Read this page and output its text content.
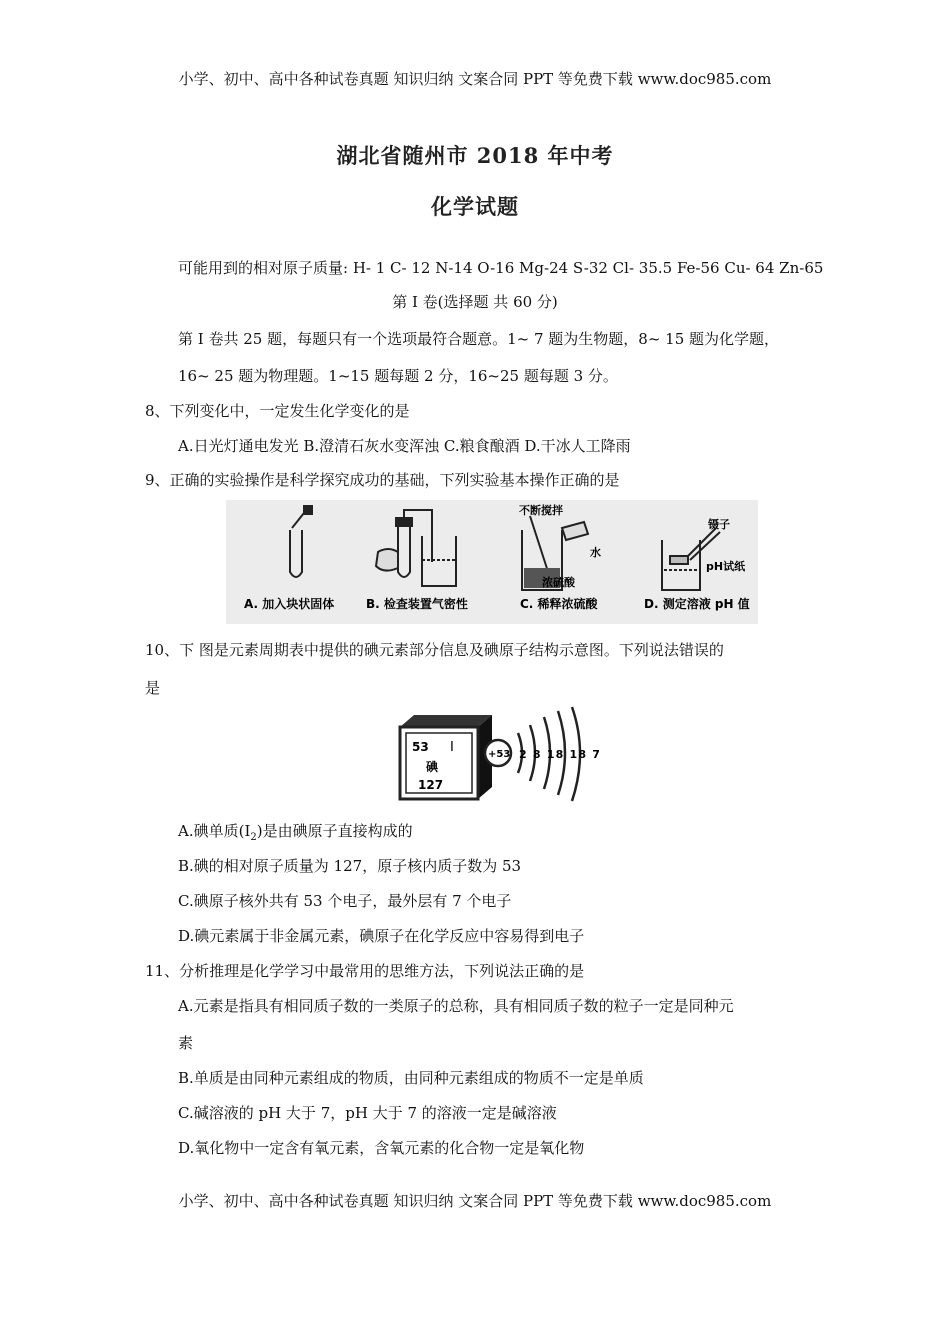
小学、初中、高中各种试卷真题 知识归纳 文案合同 PPT 等免费下载 www.doc985.com
湖北省随州市 2018 年中考
化学试题
可能用到的相对原子质量: H- 1 C- 12 N-14 O-16 Mg-24 S-32 Cl- 35.5 Fe-56 Cu- 64 Zn-65
第 I 卷(选择题 共 60 分)
第 I 卷共 25 题，每题只有一个选项最符合题意。1~ 7 题为生物题，8~ 15 题为化学题，
16~ 25 题为物理题。1~15 题每题 2 分，16~25 题每题 3 分。
8、下列变化中，一定发生化学变化的是
A.日光灯通电发光 B.澄清石灰水变浑浊 C.粮食酿酒 D.干冰人工降雨
9、正确的实验操作是科学探究成功的基础，下列实验基本操作正确的是
不断搅拌
水
浓硫酸
镊子
pH试纸
A. 加入块状固体	B. 检查装置气密性	C. 稀释浓硫酸	D. 测定溶液 pH 值
10、下 图是元素周期表中提供的碘元素部分信息及碘原子结构示意图。下列说法错误的
是
53 I
碘
127
+53 2 8 18 18 7
A.碘单质$(I_2)$是由碘原子直接构成的
B.碘的相对原子质量为 127，原子核内质子数为 53
C.碘原子核外共有 53 个电子，最外层有 7 个电子
D.碘元素属于非金属元素，碘原子在化学反应中容易得到电子
11、分析推理是化学学习中最常用的思维方法，下列说法正确的是
A.元素是指具有相同质子数的一类原子的总称，具有相同质子数的粒子一定是同种元
素
B.单质是由同种元素组成的物质，由同种元素组成的物质不一定是单质
C.碱溶液的 pH 大于 7，pH 大于 7 的溶液一定是碱溶液
D.氧化物中一定含有氧元素，含氧元素的化合物一定是氧化物
小学、初中、高中各种试卷真题 知识归纳 文案合同 PPT 等免费下载 www.doc985.com
